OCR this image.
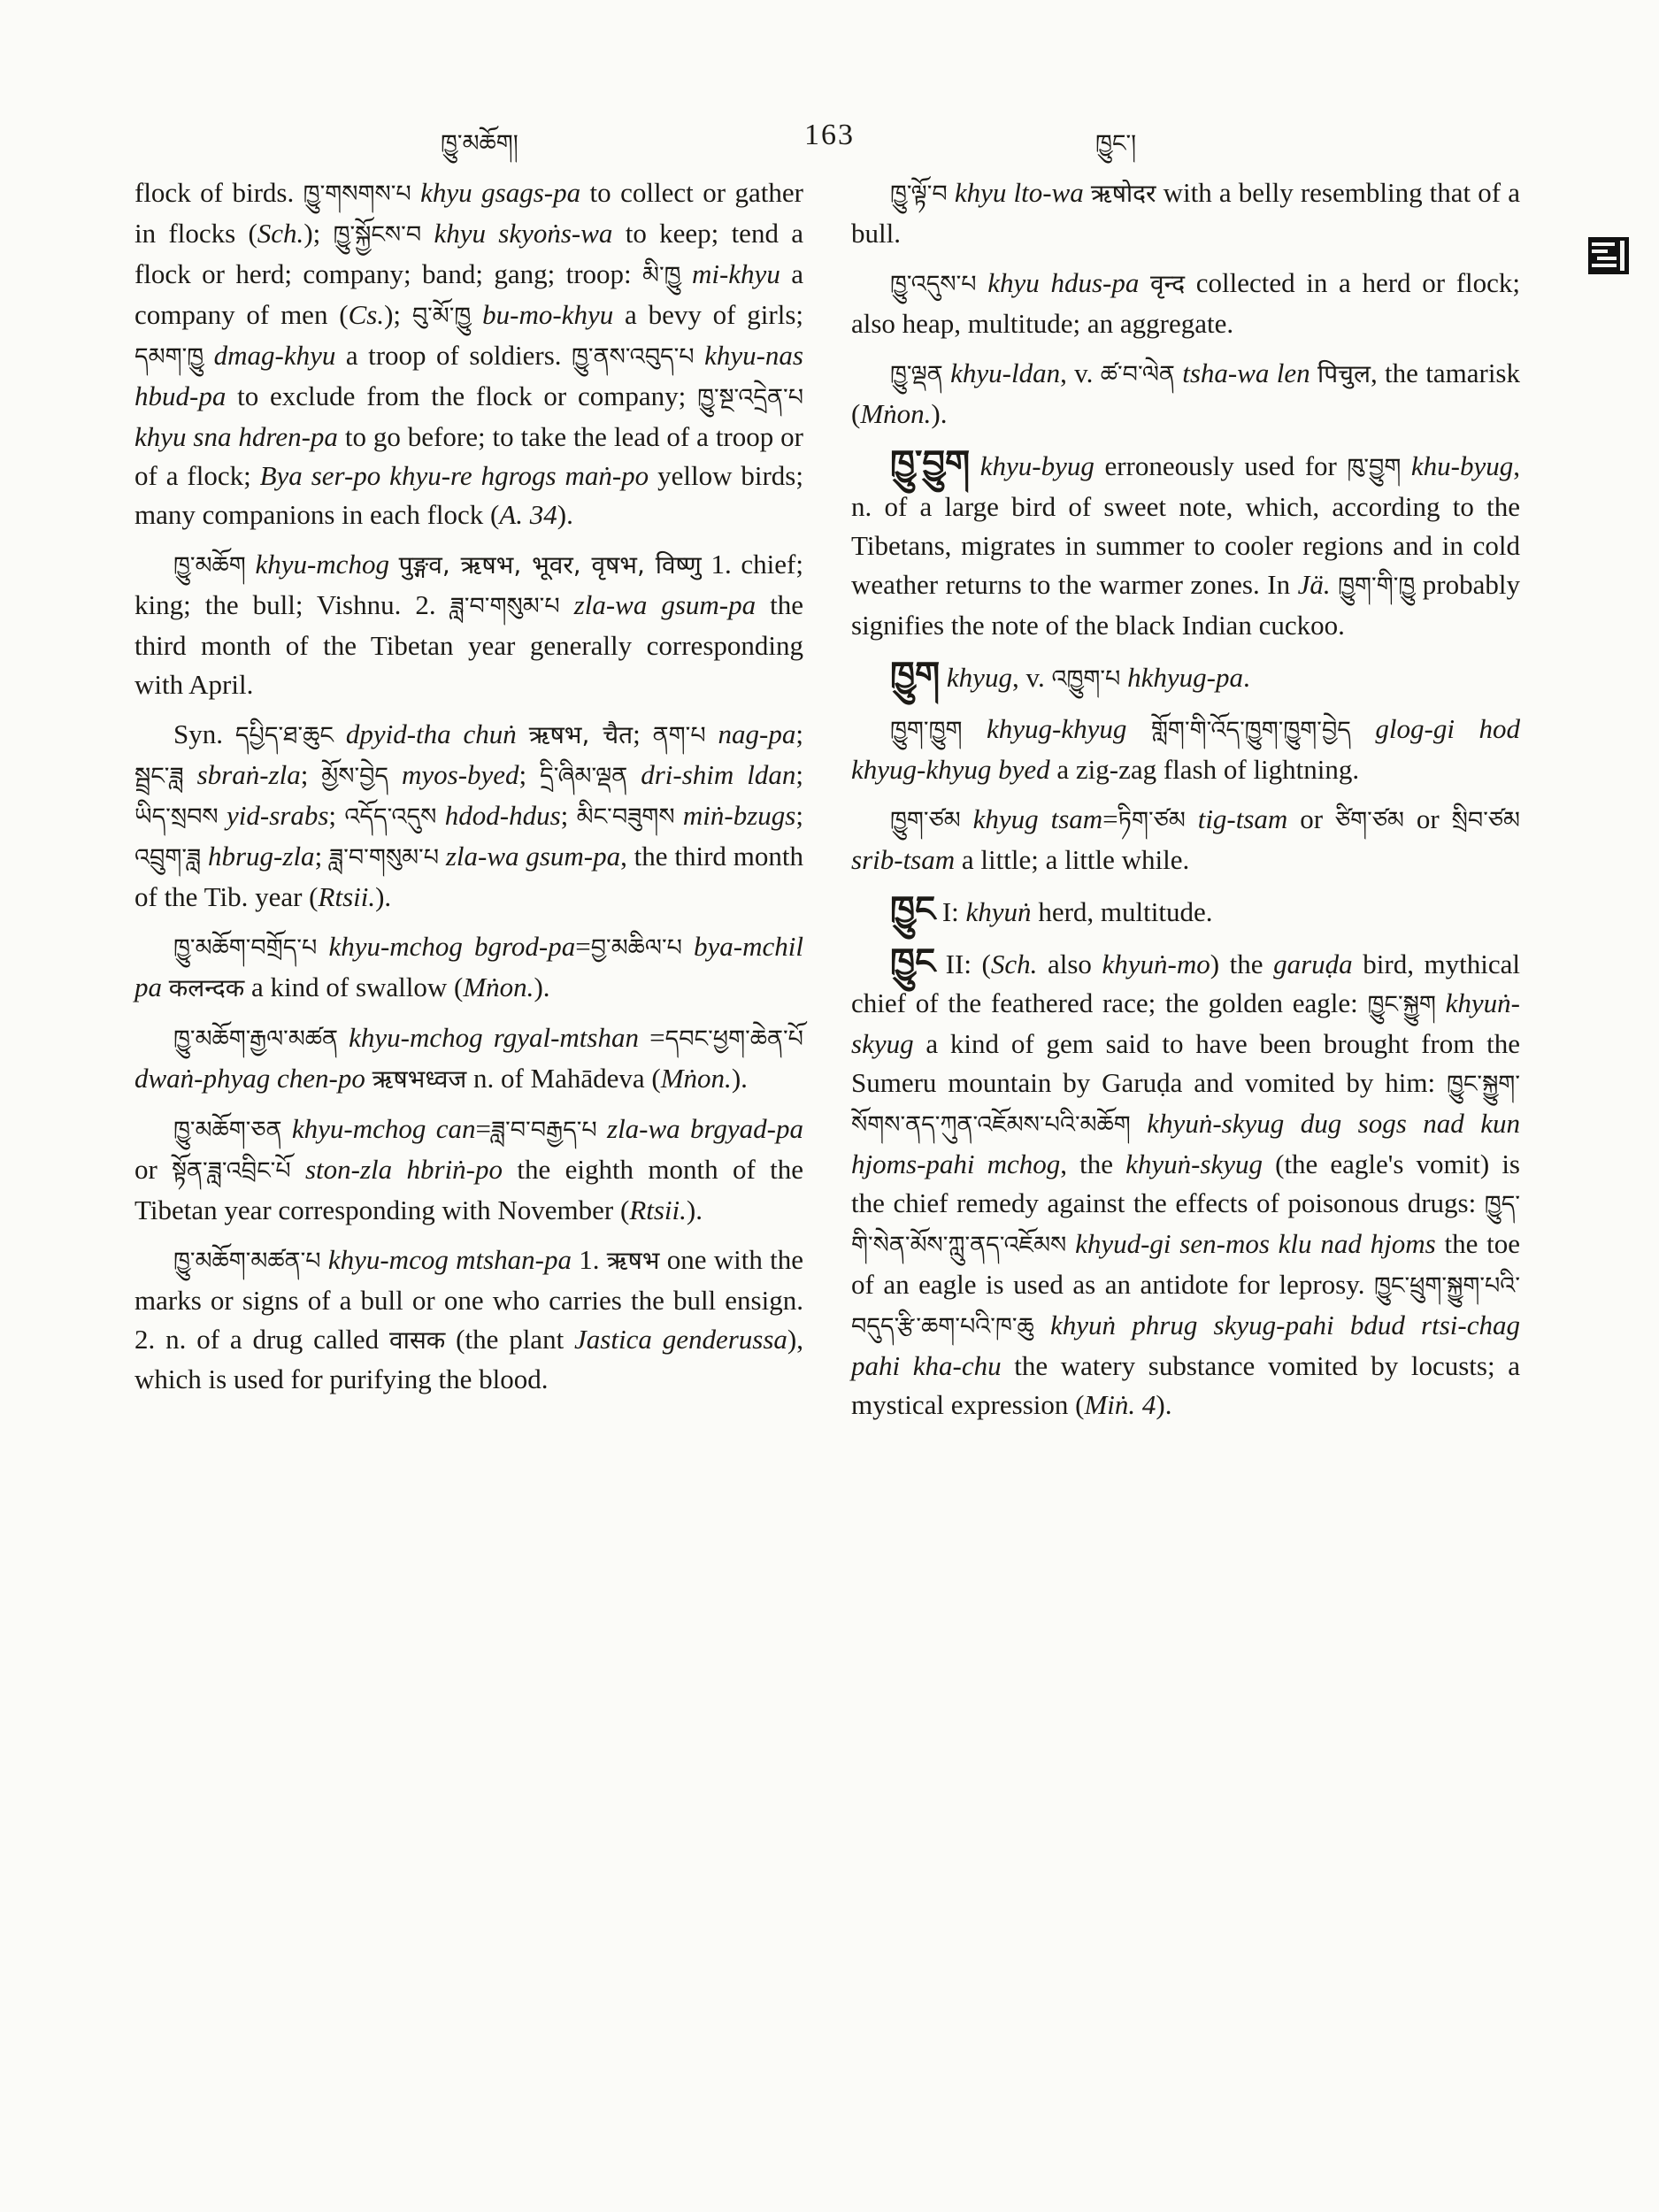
ཁྱུ་མཆོག།	163	ཁྱུང་།

flock of birds. ཁྱུ་གསགས་པ khyu gsags-pa to collect or gather in flocks (Sch.); ཁྱུ་སྐྱོངས་བ khyu skyoṅs-wa to keep; tend a flock or herd; company; band; gang; troop: མི་ཁྱུ mi-khyu a company of men (Cs.); བུ་མོ་ཁྱུ bu-mo-khyu a bevy of girls; དམག་ཁྱུ dmag-khyu a troop of soldiers. ཁྱུ་ནས་འབུད་པ khyu-nas hbud-pa to exclude from the flock or company; ཁྱུ་སྔ་འདྲེན་པ khyu sna hdren-pa to go before; to take the lead of a troop or of a flock; Bya ser-po khyu-re hgrogs maṅ-po yellow birds; many companions in each flock (A. 34).

ཁྱུ་མཆོག khyu-mchog पुङ्गव, ऋषभ, भूवर, वृषभ, विष्णु 1. chief; king; the bull; Vishnu. 2. ཟླ་བ་གསུམ་པ zla-wa gsum-pa the third month of the Tibetan year generally corresponding with April.

Syn. དཔྱིད་ཐ་ཆུང dpyid-tha chuṅ ऋषभ, चैत; ནག་པ nag-pa; སྦྲང་ཟླ sbraṅ-zla; མྱོས་བྱེད myos-byed; དྲི་ཞིམ་ལྡན dri-shim ldan; ཡིད་སྲབས yid-srabs; འདོད་འདུས hdod-hdus; མིང་བཟུགས miṅ-bzugs; འབྲུག་ཟླ hbrug-zla; ཟླ་བ་གསུམ་པ zla-wa gsum-pa, the third month of the Tib. year (Rtsii.).

ཁྱུ་མཆོག་བགྲོད་པ khyu-mchog bgrod-pa=བྱ་མཆིལ་པ bya-mchil pa कलन्दक a kind of swallow (Mṅon.).

ཁྱུ་མཆོག་རྒྱལ་མཚན khyu-mchog rgyal-mtshan =དབང་ཕྱག་ཆེན་པོ dwaṅ-phyag chen-po ऋषभध्वज n. of Mahādeva (Mṅon.).

ཁྱུ་མཆོག་ཅན khyu-mchog can=ཟླ་བ་བརྒྱད་པ zla-wa brgyad-pa or སྟོན་ཟླ་འབྲིང་པོ ston-zla hbriṅ-po the eighth month of the Tibetan year corresponding with November (Rtsii.).

ཁྱུ་མཆོག་མཚན་པ khyu-mcog mtshan-pa 1. ऋषभ one with the marks or signs of a bull or one who carries the bull ensign. 2. n. of a drug called वासक (the plant Jastica genderussa), which is used for purifying the blood.

ཁྱུ་ལྟོ་བ khyu lto-wa ऋषोदर with a belly resembling that of a bull.

ཁྱུ་འདུས་པ khyu hdus-pa वृन्द collected in a herd or flock; also heap, multitude; an aggregate.

ཁྱུ་ལྡན khyu-ldan, v. ཚ་བ་ལེན tsha-wa len पिचुल, the tamarisk (Mṅon.).

ཁྱུ་བྱུག khyu-byug erroneously used for ཁུ་བྱུག khu-byug, n. of a large bird of sweet note, which, according to the Tibetans, migrates in summer to cooler regions and in cold weather returns to the warmer zones. In Jä. ཁྱུག་གི་ཁྱུ probably signifies the note of the black Indian cuckoo.

ཁྱུག khyug, v. འཁྱུག་པ hkhyug-pa.

ཁྱུག་ཁྱུག khyug-khyug གློག་གི་འོད་ཁྱུག་ཁྱུག་བྱེད glog-gi hod khyug-khyug byed a zig-zag flash of lightning.

ཁྱུག་ཙམ khyug tsam=ཏིག་ཙམ tig-tsam or ཙིག་ཙམ or སྲིབ་ཙམ srib-tsam a little; a little while.

ཁྱུང I: khyuṅ herd, multitude.

ཁྱུང II: (Sch. also khyuṅ-mo) the garuḍa bird, mythical chief of the feathered race; the golden eagle: ཁྱུང་སྐྱུག khyuṅ-skyug a kind of gem said to have been brought from the Sumeru mountain by Garuḍa and vomited by him: ཁྱུང་སྐྱུག་སོགས་ནད་ཀུན་འཇོམས་པའི་མཆོག khyuṅ-skyug dug sogs nad kun hjoms-pahi mchog, the khyuṅ-skyug (the eagle's vomit) is the chief remedy against the effects of poisonous drugs: ཁྱུད་གི་སེན་མོས་ཀླུ་ནད་འཇོམས khyud-gi sen-mos klu nad hjoms the toe of an eagle is used as an antidote for leprosy. ཁྱུང་ཕྲུག་སྐྱུག་པའི་བདུད་རྩི་ཆག་པའི་ཁ་ཆུ khyuṅ phrug skyug-pahi bdud rtsi-chag pahi kha-chu the watery substance vomited by locusts; a mystical expression (Miṅ. 4).
